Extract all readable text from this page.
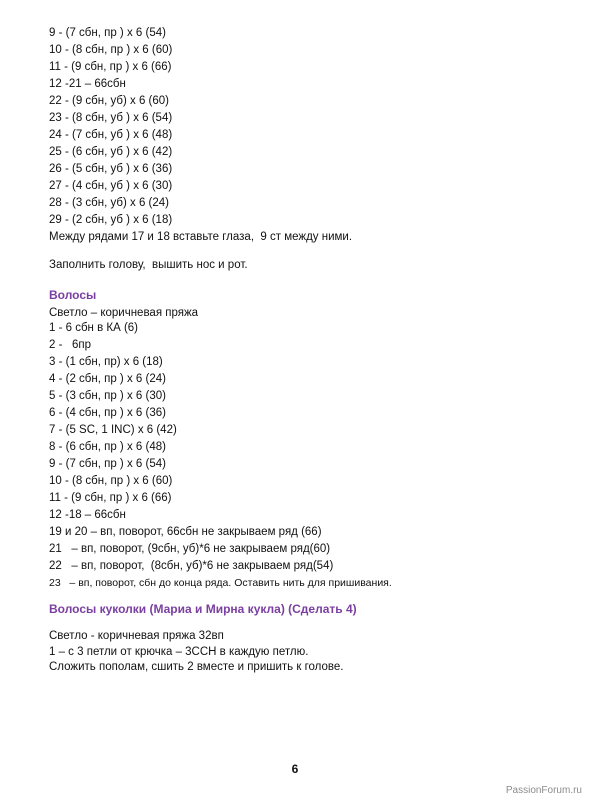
9 - (7 сбн, пр ) х 6 (54)
10 - (8 сбн, пр ) х 6 (60)
11 - (9 сбн, пр ) х 6 (66)
12 -21 – 66сбн
22 - (9 сбн, уб) х 6 (60)
23 - (8 сбн, уб ) х 6 (54)
24 - (7 сбн, уб ) х 6 (48)
25 - (6 сбн, уб ) х 6 (42)
26 - (5 сбн, уб ) х 6 (36)
27 - (4 сбн, уб ) х 6 (30)
28 - (3 сбн, уб) х 6 (24)
29 - (2 сбн, уб ) х 6 (18)
Между рядами 17 и 18 вставьте глаза,  9 ст между ними.
Заполнить голову,  вышить нос и рот.
Волосы
Светло – коричневая пряжа
1 - 6 сбн в КА (6)
2 -   6пр
3 - (1 сбн, пр) х 6 (18)
4 - (2 сбн, пр ) х 6 (24)
5 - (3 сбн, пр ) х 6 (30)
6 - (4 сбн, пр ) х 6 (36)
7 - (5 SC, 1 INC) х 6 (42)
8 - (6 сбн, пр ) х 6 (48)
9 - (7 сбн, пр ) х 6 (54)
10 - (8 сбн, пр ) х 6 (60)
11 - (9 сбн, пр ) х 6 (66)
12 -18 – 66сбн
19 и 20 – вп, поворот, 66сбн не закрываем ряд (66)
21   – вп, поворот, (9сбн, уб)*6 не закрываем ряд(60)
22   – вп, поворот,  (8сбн, уб)*6 не закрываем ряд(54)
23   – вп, поворот, сбн до конца ряда. Оставить нить для пришивания.
Волосы куколки (Мариа и Мирна кукла) (Сделать 4)
Светло - коричневая пряжа 32вп
1 – с 3 петли от крючка – 3ССН в каждую петлю.
Сложить пополам, сшить 2 вместе и пришить к голове.
6
PassionForum.ru
